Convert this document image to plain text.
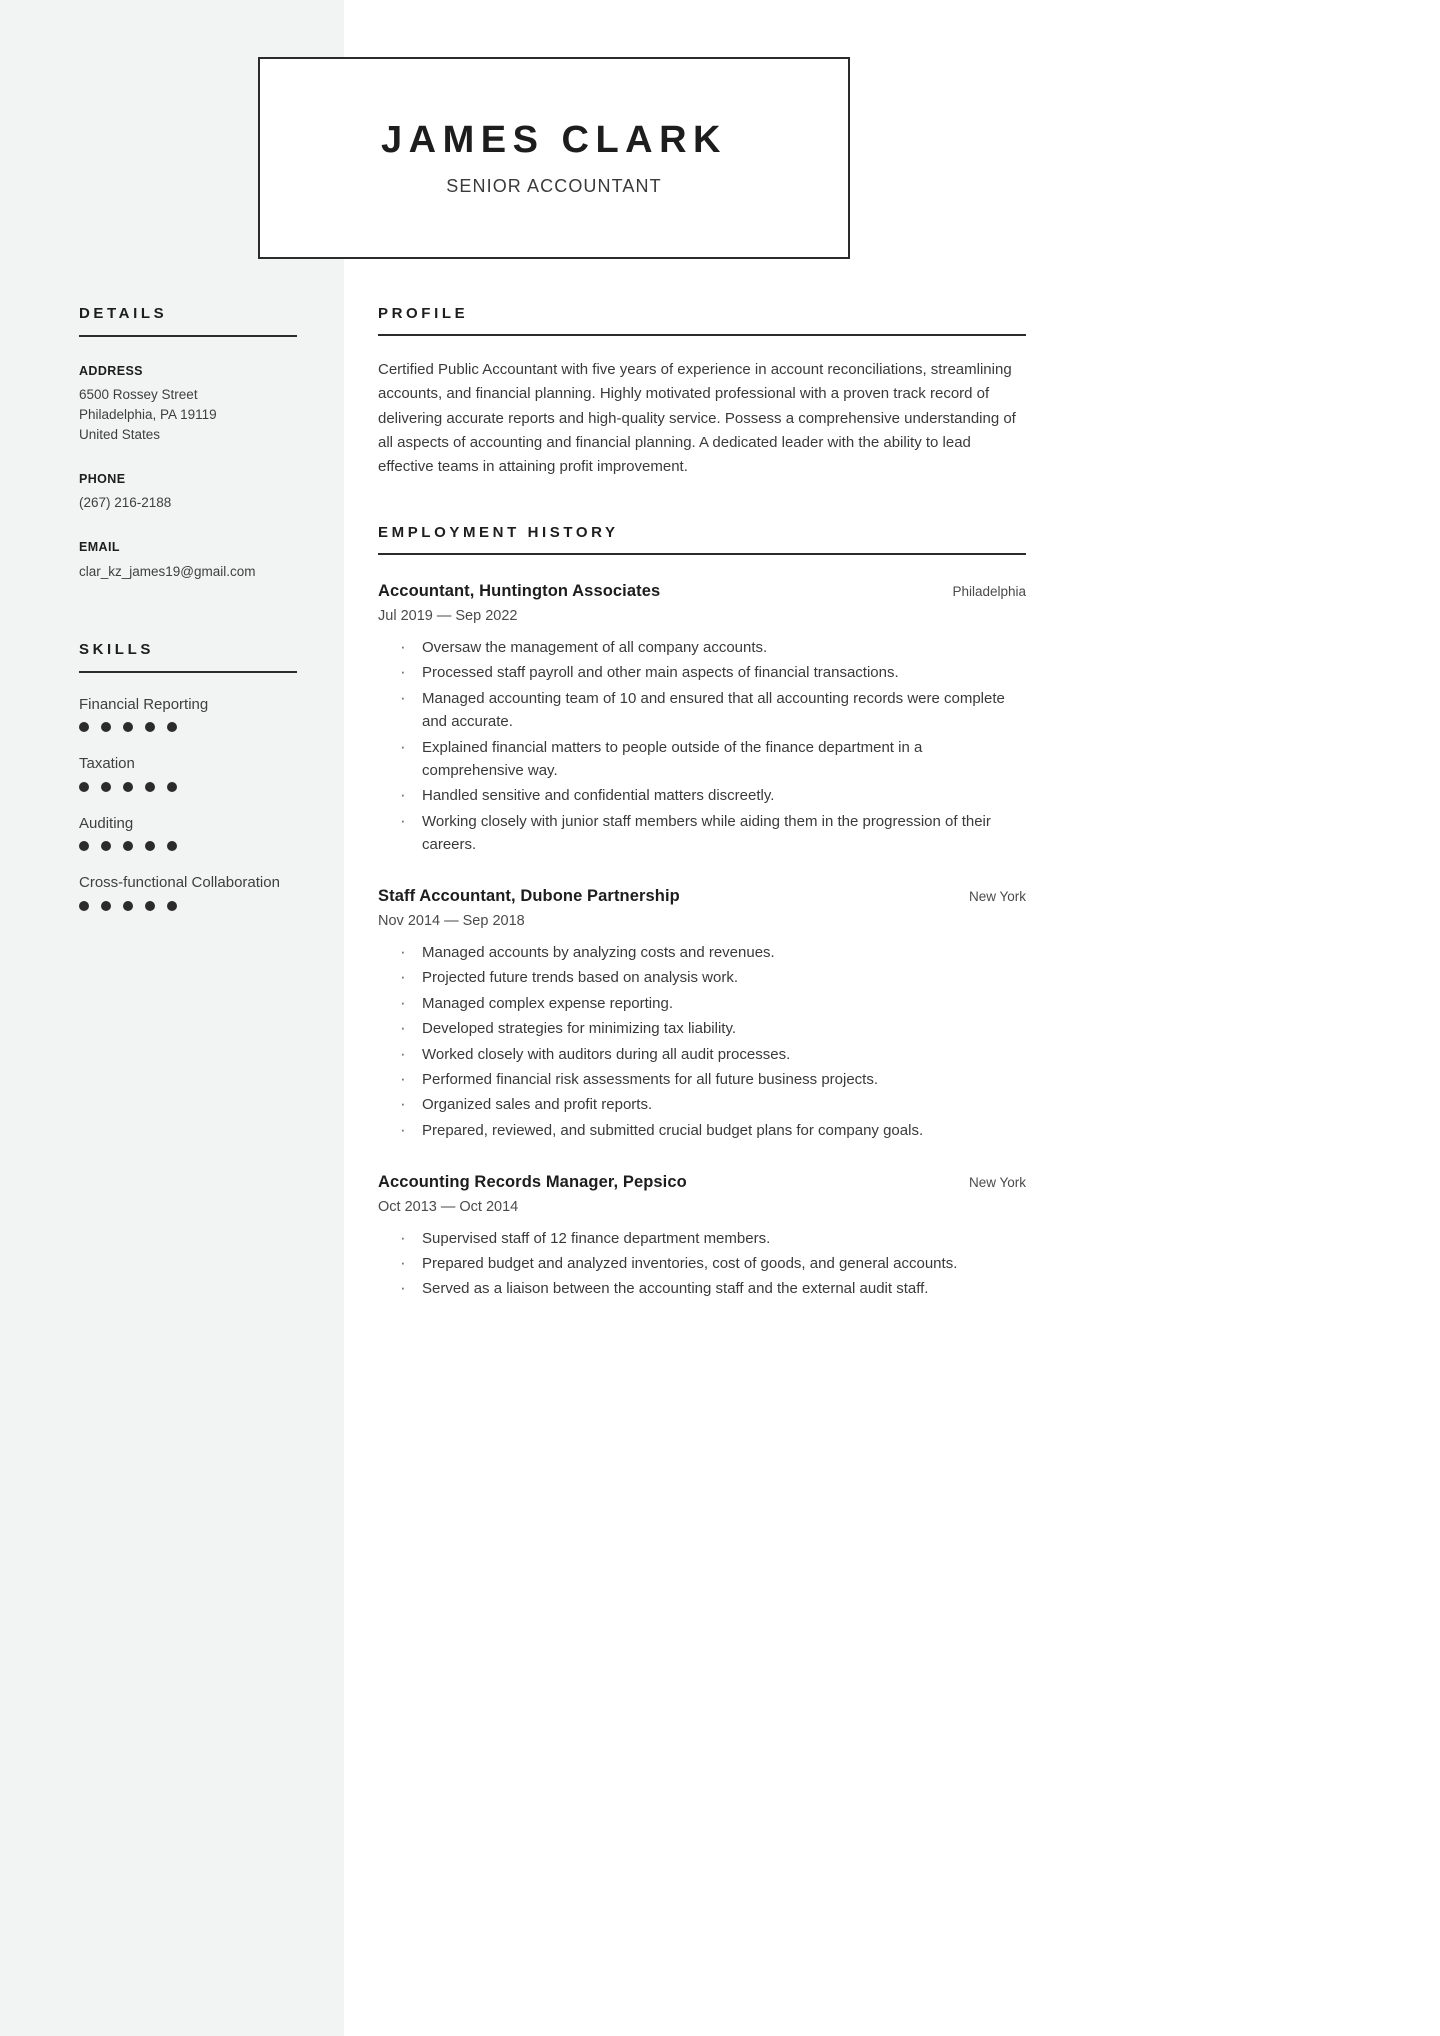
JAMES CLARK
SENIOR ACCOUNTANT
DETAILS
ADDRESS
6500 Rossey Street
Philadelphia, PA 19119
United States
PHONE
(267) 216-2188
EMAIL
clar_kz_james19@gmail.com
SKILLS
Financial Reporting
Taxation
Auditing
Cross-functional Collaboration
PROFILE

Certified Public Accountant with five years of experience in account reconciliations, streamlining accounts, and financial planning. Highly motivated professional with a proven track record of delivering accurate reports and high-quality service. Possess a comprehensive understanding of all aspects of accounting and financial planning. A dedicated leader with the ability to lead effective teams in attaining profit improvement.

EMPLOYMENT HISTORY
Accountant, Huntington Associates	Philadelphia
Jul 2019 — Sep 2022
· Oversaw the management of all company accounts.
· Processed staff payroll and other main aspects of financial transactions.
· Managed accounting team of 10 and ensured that all accounting records were complete and accurate.
· Explained financial matters to people outside of the finance department in a comprehensive way.
· Handled sensitive and confidential matters discreetly.
· Working closely with junior staff members while aiding them in the progression of their careers.
Staff Accountant, Dubone Partnership	New York
Nov 2014 — Sep 2018
· Managed accounts by analyzing costs and revenues.
· Projected future trends based on analysis work.
· Managed complex expense reporting.
· Developed strategies for minimizing tax liability.
· Worked closely with auditors during all audit processes.
· Performed financial risk assessments for all future business projects.
· Organized sales and profit reports.
· Prepared, reviewed, and submitted crucial budget plans for company goals.
Accounting Records Manager, Pepsico	New York
Oct 2013 — Oct 2014
· Supervised staff of 12 finance department members.
· Prepared budget and analyzed inventories, cost of goods, and general accounts.
· Served as a liaison between the accounting staff and the external audit staff.
